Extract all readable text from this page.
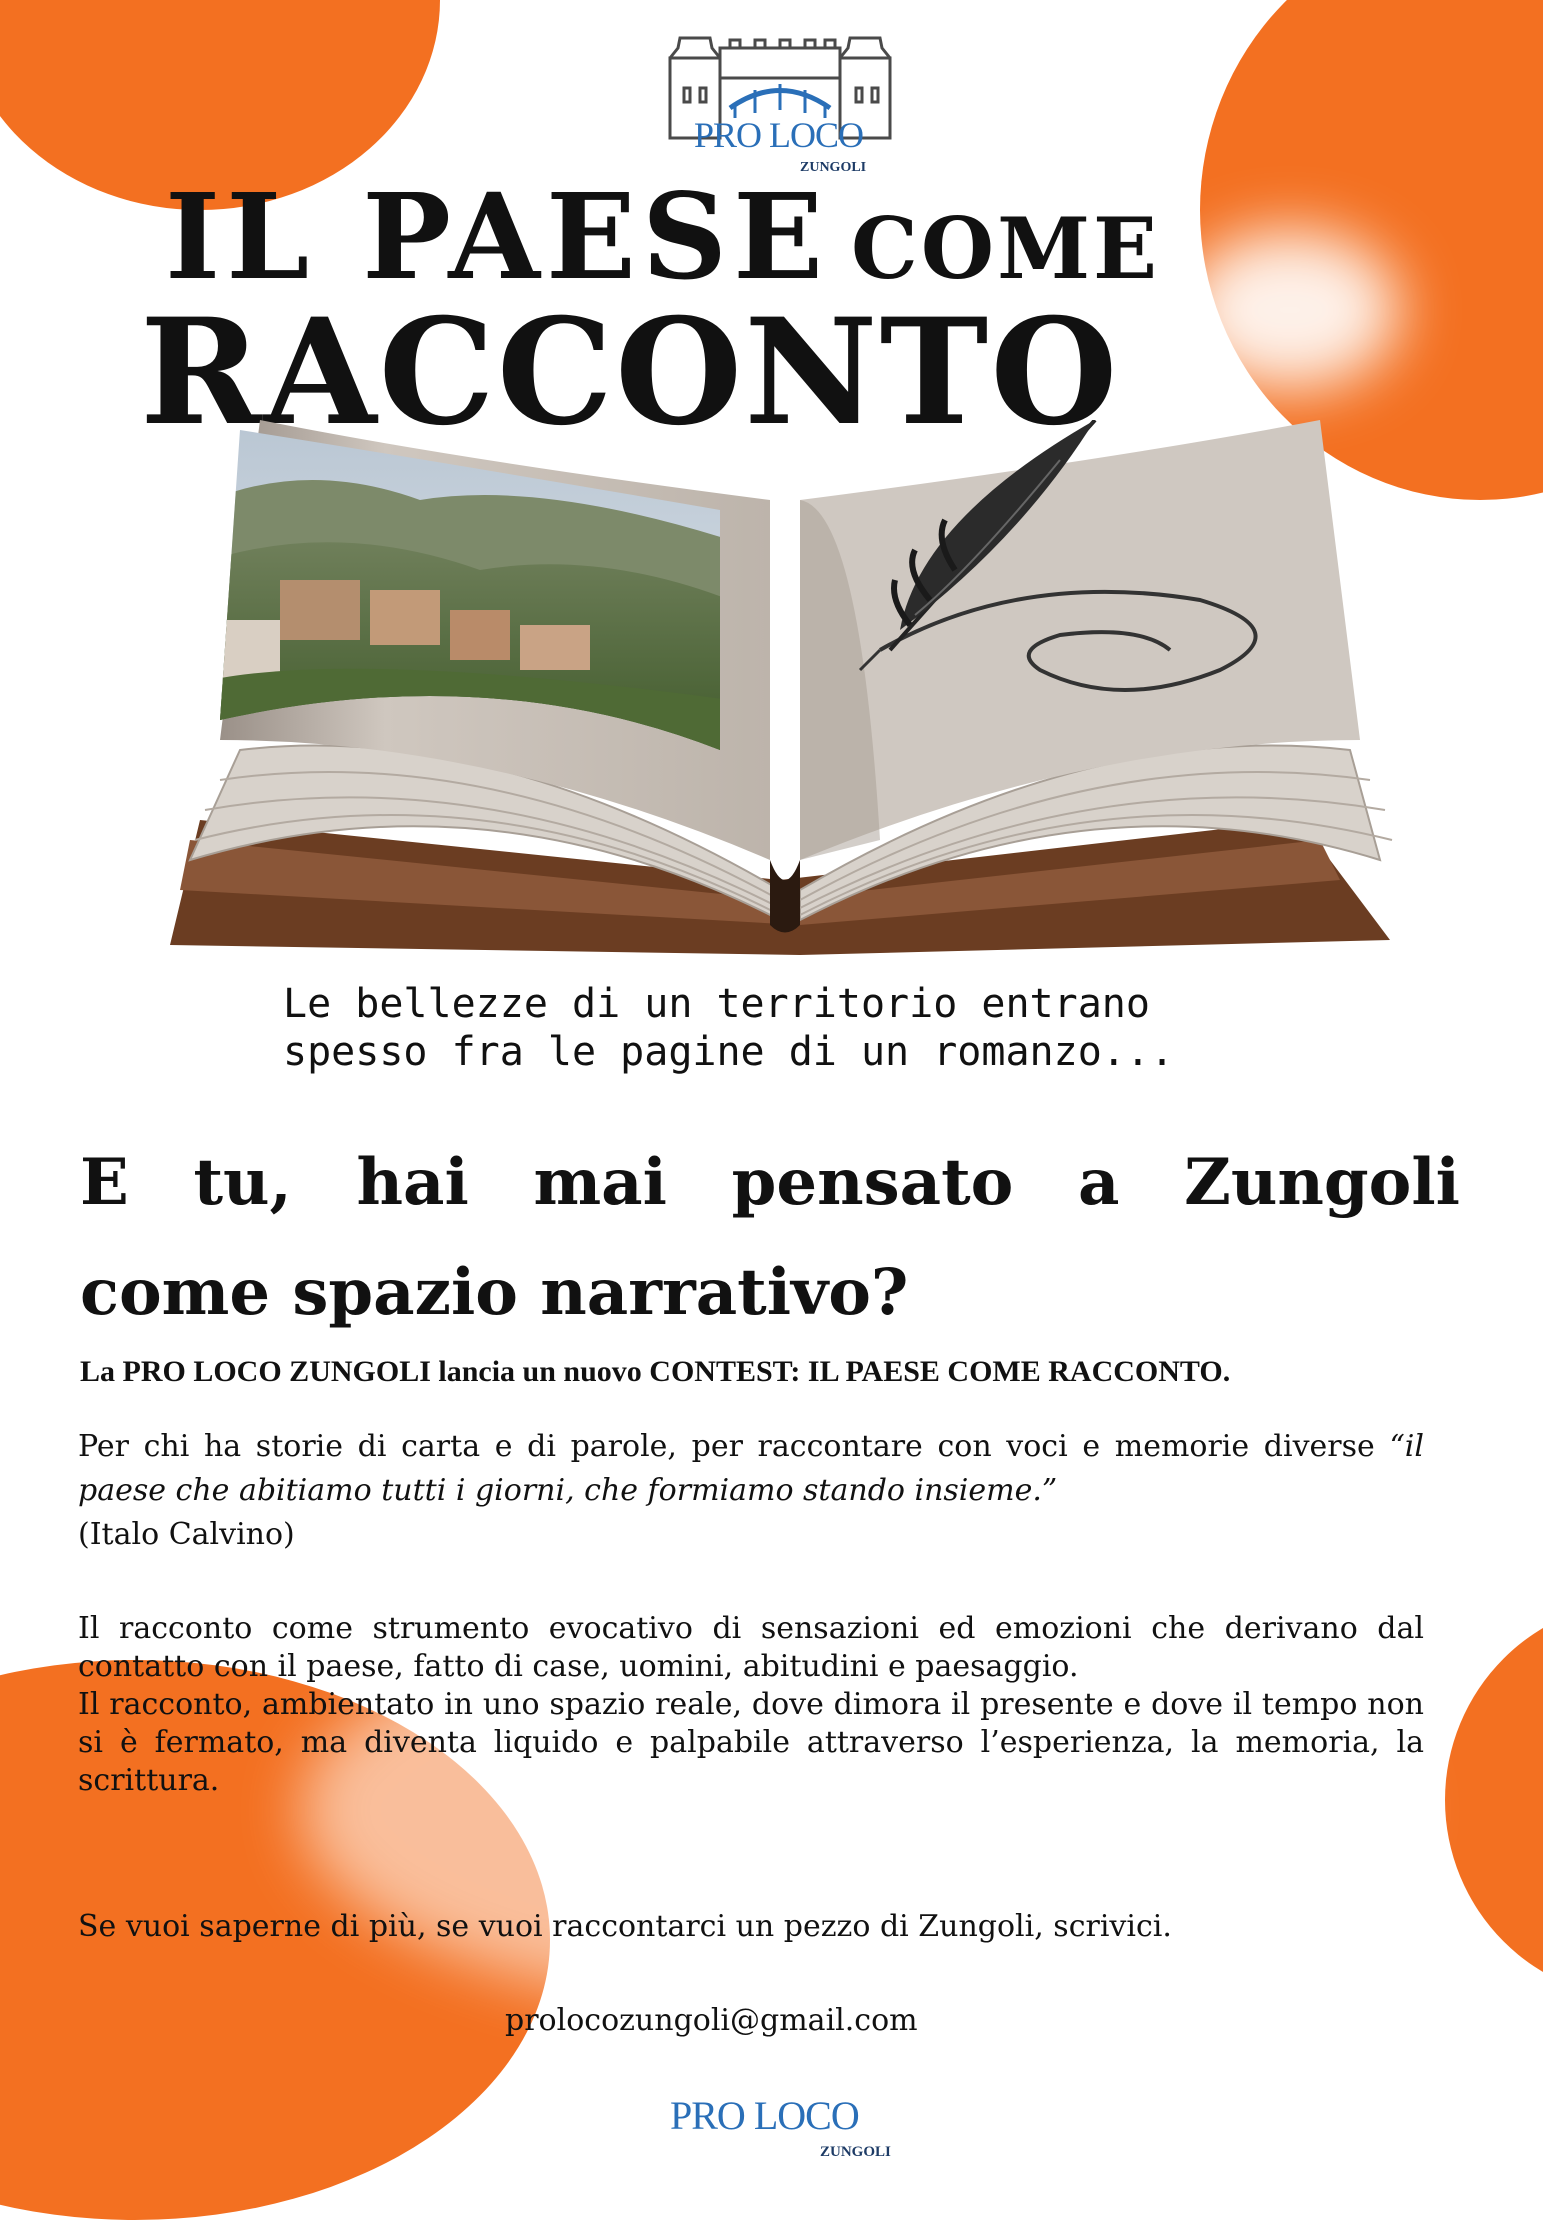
PRO LOCO
ZUNGOLI
IL PAESE COME
RACCONTO
Le bellezze di un territorio entrano
spesso fra le pagine di un romanzo...
E tu, hai mai pensato a Zungoli
come spazio narrativo?
La PRO LOCO ZUNGOLI lancia un nuovo CONTEST: IL PAESE COME RACCONTO.
Per chi ha storie di carta e di parole, per raccontare con voci e memorie diverse “il paese che abitiamo tutti i giorni, che formiamo stando insieme.”
(Italo Calvino)
Il racconto come strumento evocativo di sensazioni ed emozioni che derivano dal contatto con il paese, fatto di case, uomini, abitudini e paesaggio.
Il racconto, ambientato in uno spazio reale, dove dimora il presente e dove il tempo non si è fermato, ma diventa liquido e palpabile attraverso l’esperienza, la memoria, la scrittura.
Se vuoi saperne di più, se vuoi raccontarci un pezzo di Zungoli, scrivici.
prolocozungoli@gmail.com
PRO LOCO
ZUNGOLI
